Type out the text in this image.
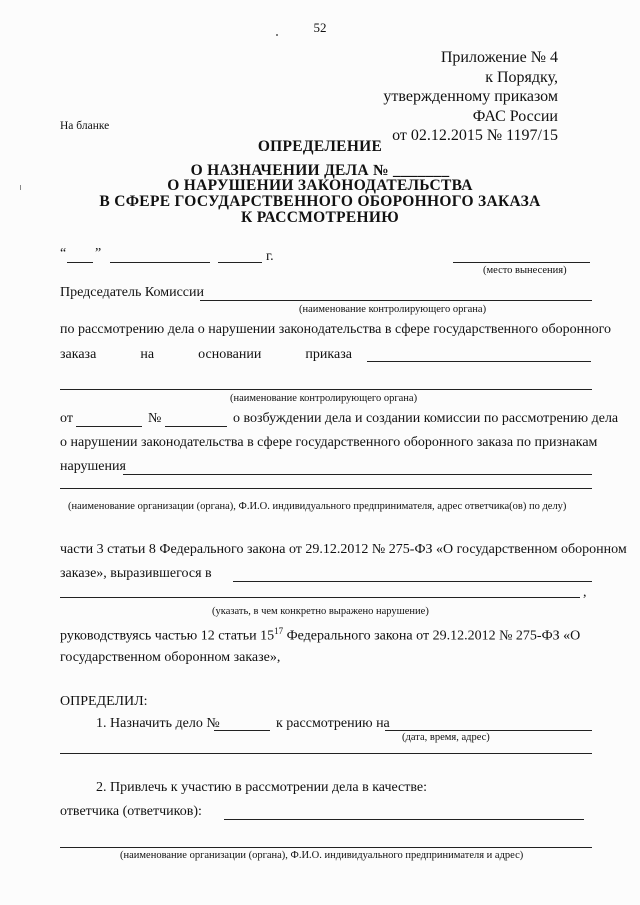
52
Приложение № 4
к Порядку,
утвержденному приказом
ФАС России
от 02.12.2015 № 1197/15
На бланке
ОПРЕДЕЛЕНИЕ
О НАЗНАЧЕНИИ ДЕЛА № _______
О НАРУШЕНИИ ЗАКОНОДАТЕЛЬСТВА
В СФЕРЕ ГОСУДАРСТВЕННОГО ОБОРОННОГО ЗАКАЗА
К РАССМОТРЕНИЮ
“ ”	г.
(место вынесения)
Председатель Комиссии
(наименование контролирующего органа)
по рассмотрению дела о нарушении законодательства в сфере государственного оборонного
заказа	на	основании	приказа
(наименование контролирующего органа)
от	№	о возбуждении дела и создании комиссии по рассмотрению дела
о нарушении законодательства в сфере государственного оборонного заказа по признакам
нарушения
(наименование организации (органа), Ф.И.О. индивидуального предпринимателя, адрес ответчика(ов) по делу)
части 3 статьи 8 Федерального закона от 29.12.2012 № 275-ФЗ «О государственном оборонном
заказе», выразившегося в
,
(указать, в чем конкретно выражено нарушение)
руководствуясь частью 12 статьи $15^{17}$ Федерального закона от 29.12.2012 № 275-ФЗ «О
государственном оборонном заказе»,
ОПРЕДЕЛИЛ:
1. Назначить дело №	к рассмотрению на
(дата, время, адрес)
2. Привлечь к участию в рассмотрении дела в качестве:
ответчика (ответчиков):
(наименование организации (органа), Ф.И.О. индивидуального предпринимателя и адрес)
